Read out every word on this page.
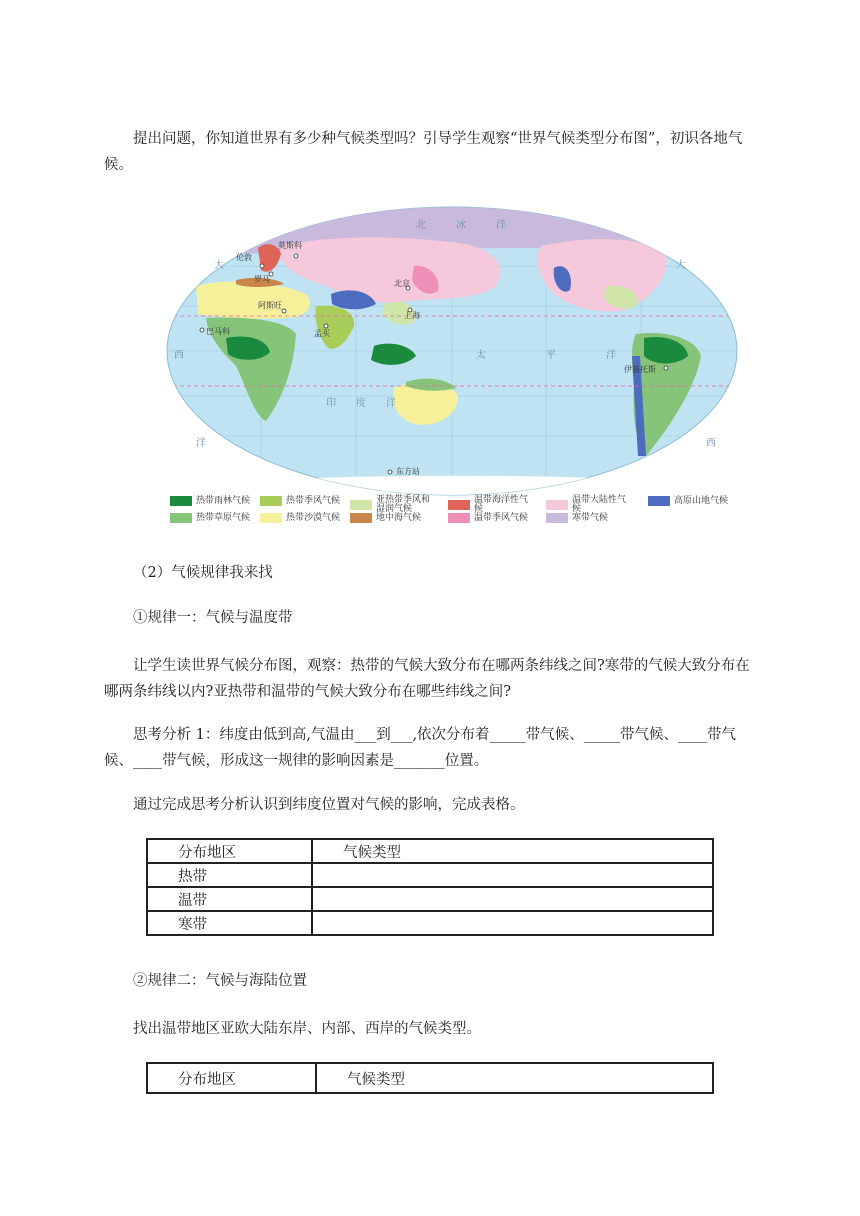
提出问题，你知道世界有多少种气候类型吗？引导学生观察“世界气候类型分布图”，初识各地气候。

北	冰	洋
大	大
西	太	平	洋
印 度 洋
洋	西
伦敦
莫斯科
罗马	北京
上海
阿斯旺
巴马科	孟买
伊基托斯
东方站
热带雨林气候	热带季风气候	亚热带季风和湿润气候
温带海洋性气候
温带大陆性气候
高原山地气候
热带草原气候	热带沙漠气候	地中海气候	温带季风气候	寒带气候

（2）气候规律我来找

①规律一：气候与温度带

让学生读世界气候分布图，观察：热带的气候大致分布在哪两条纬线之间?寒带的气候大致分布在哪两条纬线以内?亚热带和温带的气候大致分布在哪些纬线之间?

思考分析 1：纬度由低到高,气温由___到___,依次分布着_____带气候、_____带气候、____带气候、____带气候，形成这一规律的影响因素是_______位置。

通过完成思考分析认识到纬度位置对气候的影响，完成表格。

分布地区	气候类型
热带	
温带	
寒带	

②规律二：气候与海陆位置

找出温带地区亚欧大陆东岸、内部、西岸的气候类型。

分布地区	气候类型
